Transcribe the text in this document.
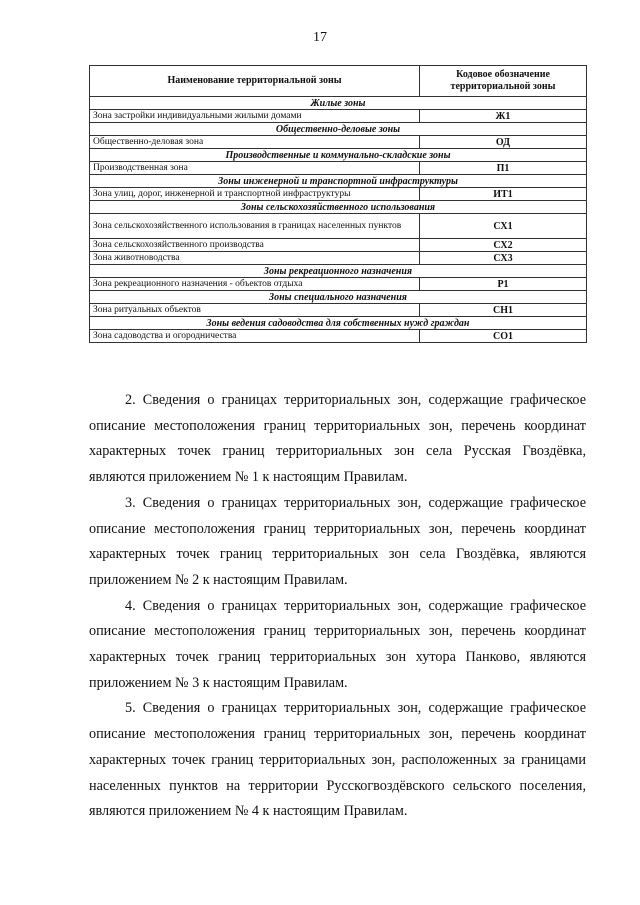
17
Наименование территориальной зоны	Кодовое обозначение территориальной зоны
Жилые зоны	
Зона застройки индивидуальными жилыми домами	Ж1
Общественно-деловые зоны	
Общественно-деловая зона	ОД
Производственные и коммунально-складские зоны	
Производственная зона	П1
Зоны инженерной и транспортной инфраструктуры	
Зона улиц, дорог, инженерной и транспортной инфраструктуры	ИТ1
Зоны сельскохозяйственного использования	
Зона сельскохозяйственного использования в границах населенных пунктов	СХ1
Зона сельскохозяйственного производства	СХ2
Зона животноводства	СХ3
Зоны рекреационного назначения	
Зона рекреационного назначения - объектов отдыха	Р1
Зоны специального назначения	
Зона ритуальных объектов	СН1
Зоны ведения садоводства для собственных нужд граждан	
Зона садоводства и огородничества	СО1

2. Сведения о границах территориальных зон, содержащие графическое описание местоположения границ территориальных зон, перечень координат характерных точек границ территориальных зон села Русская Гвоздёвка, являются приложением № 1 к настоящим Правилам.

3. Сведения о границах территориальных зон, содержащие графическое описание местоположения границ территориальных зон, перечень координат характерных точек границ территориальных зон села Гвоздёвка, являются приложением № 2 к настоящим Правилам.

4. Сведения о границах территориальных зон, содержащие графическое описание местоположения границ территориальных зон, перечень координат характерных точек границ территориальных зон хутора Панково, являются приложением № 3 к настоящим Правилам.

5. Сведения о границах территориальных зон, содержащие графическое описание местоположения границ территориальных зон, перечень координат характерных точек границ территориальных зон, расположенных за границами населенных пунктов на территории Русскогвоздёвского сельского поселения, являются приложением № 4 к настоящим Правилам.
